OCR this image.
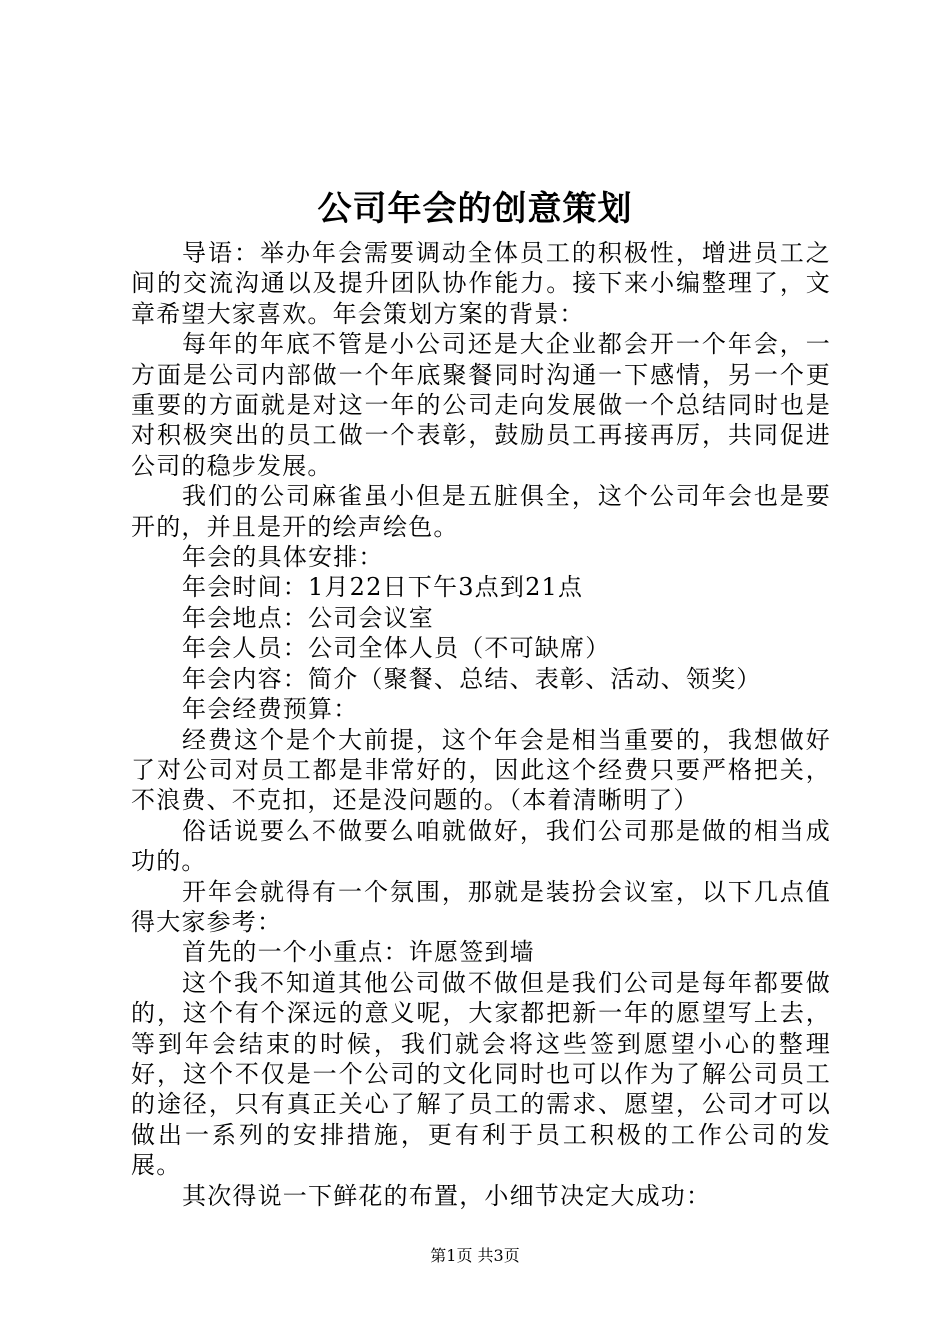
公司年会的创意策划

导语：举办年会需要调动全体员工的积极性，增进员工之间的交流沟通以及提升团队协作能力。接下来小编整理了，文章希望大家喜欢。年会策划方案的背景：

每年的年底不管是小公司还是大企业都会开一个年会，一方面是公司内部做一个年底聚餐同时沟通一下感情，另一个更重要的方面就是对这一年的公司走向发展做一个总结同时也是对积极突出的员工做一个表彰，鼓励员工再接再厉，共同促进公司的稳步发展。

我们的公司麻雀虽小但是五脏俱全，这个公司年会也是要开的，并且是开的绘声绘色。

年会的具体安排：

年会时间：1月22日下午3点到21点

年会地点：公司会议室

年会人员：公司全体人员（不可缺席）

年会内容：简介（聚餐、总结、表彰、活动、领奖）

年会经费预算：

经费这个是个大前提，这个年会是相当重要的，我想做好了对公司对员工都是非常好的，因此这个经费只要严格把关，不浪费、不克扣，还是没问题的。（本着清晰明了）

俗话说要么不做要么咱就做好，我们公司那是做的相当成功的。

开年会就得有一个氛围，那就是装扮会议室，以下几点值得大家参考：

首先的一个小重点：许愿签到墙

这个我不知道其他公司做不做但是我们公司是每年都要做的，这个有个深远的意义呢，大家都把新一年的愿望写上去，等到年会结束的时候，我们就会将这些签到愿望小心的整理好，这个不仅是一个公司的文化同时也可以作为了解公司员工的途径，只有真正关心了解了员工的需求、愿望，公司才可以做出一系列的安排措施，更有利于员工积极的工作公司的发展。

其次得说一下鲜花的布置，小细节决定大成功：

第1页 共3页
